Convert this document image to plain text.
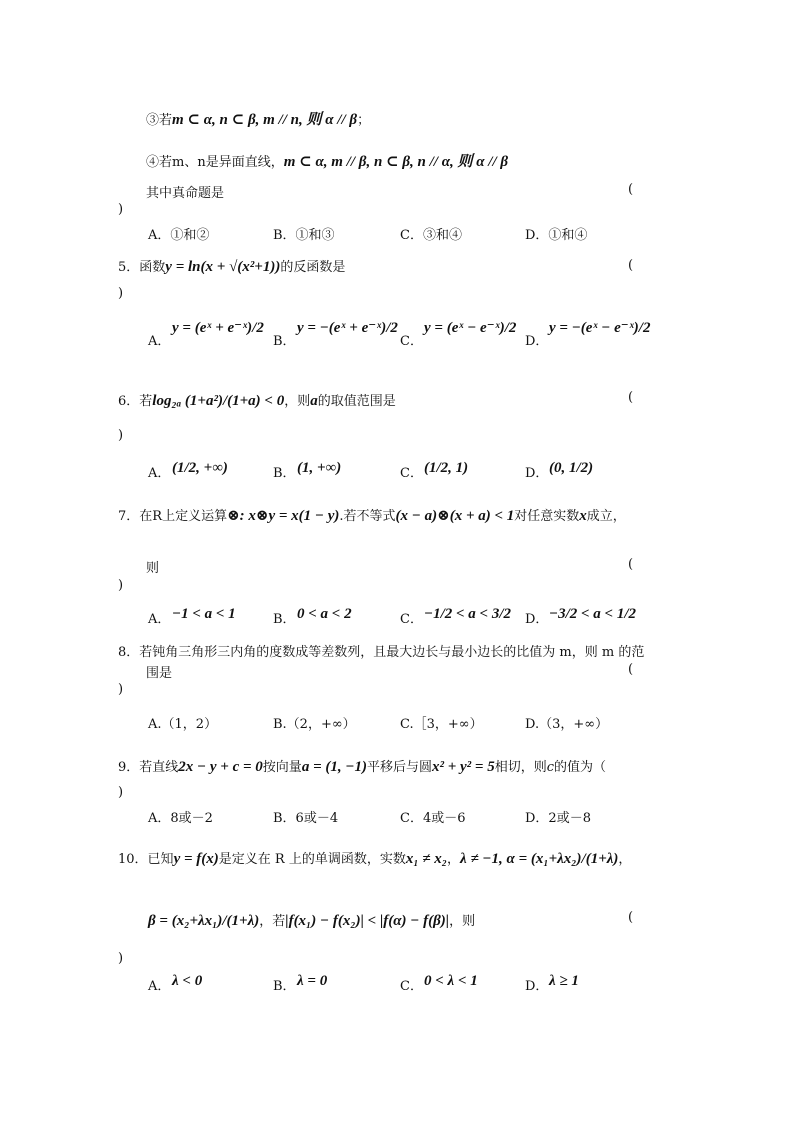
③若m ⊂ α, n ⊂ β, m // n, 则 α // β；
④若m、n是异面直线，m ⊂ α, m // β, n ⊂ β, n // α, 则 α // β
其中真命题是	(
)
A．①和②	B．①和③	C．③和④	D．①和④
5．函数y = ln(x + √(x²+1))的反函数是	(
)
A．
y = (eˣ + e⁻ˣ)/2
B．
y = −(eˣ + e⁻ˣ)/2
C．
y = (eˣ − e⁻ˣ)/2
D．
y = −(eˣ − e⁻ˣ)/2
6．若log₂ₐ (1+a²)/(1+a) < 0，则a的取值范围是	(
)
A． (1/2, +∞)	B． (1, +∞)	C． (1/2, 1)	D． (0, 1/2)
7．在R上定义运算⊗: x⊗y = x(1 − y).若不等式(x − a)⊗(x + a) < 1对任意实数x成立，
则	(
)
A． −1 < a < 1	B． 0 < a < 2	C． −1/2 < a < 3/2 D． −3/2 < a < 1/2
8．若钝角三角形三内角的度数成等差数列，且最大边长与最小边长的比值为 m，则 m 的范
围是	(
)
A.（1，2）	B.（2，+∞）	C.［3，+∞）	D.（3，+∞）
9．若直线2x − y + c = 0按向量a = (1, −1)平移后与圆x² + y² = 5相切，则c的值为（
)
A．8或－2	B．6或－4	C．4或－6	D．2或－8
10．已知y = f(x)是定义在 R 上的单调函数，实数x₁ ≠ x₂，λ ≠ −1, α = (x₁+λx₂)/(1+λ)，
β = (x₂+λx₁)/(1+λ)，若|f(x₁) − f(x₂)| < |f(α) − f(β)|，则	(
)
A． λ < 0	B． λ = 0	C． 0 < λ < 1	D． λ ≥ 1
